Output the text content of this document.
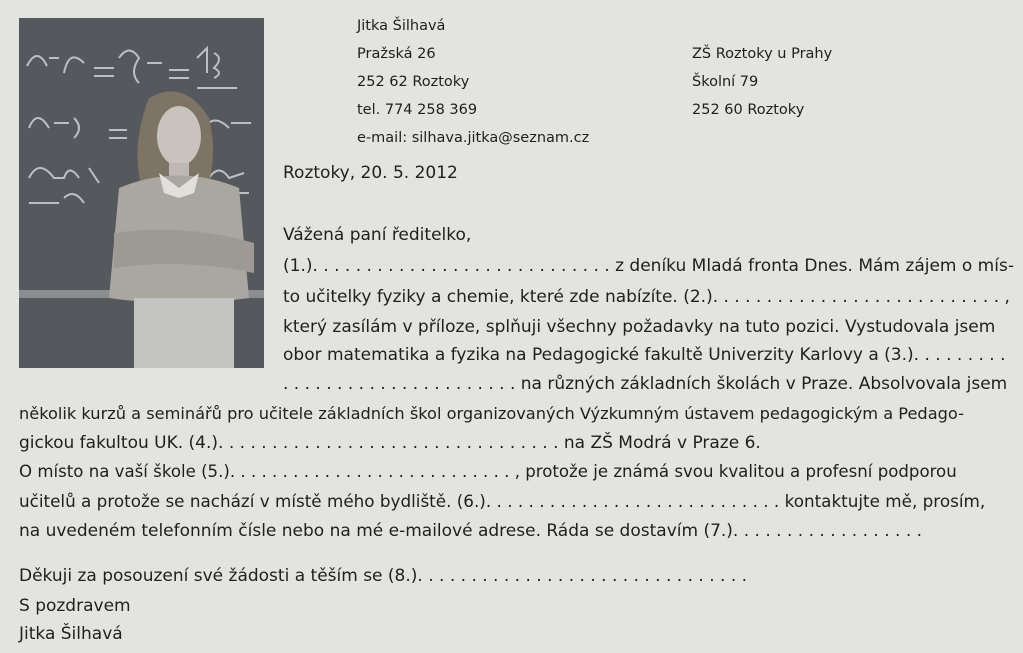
Jitka Šilhavá
Pražská 26
252 62 Roztoky
tel. 774 258 369
e-mail: silhava.jitka@seznam.cz
ZŠ Roztoky u Prahy
Školní 79
252 60 Roztoky
Roztoky, 20. 5. 2012
Vážená paní ředitelko,
(1.). . . . . . . . . . . . . . . . . . . . . . . . . . . . z deníku Mladá fronta Dnes. Mám zájem o mís-
to učitelky fyziky a chemie, které zde nabízíte. (2.). . . . . . . . . . . . . . . . . . . . . . . . . . . ,
který zasílám v příloze, splňuji všechny požadavky na tuto pozici. Vystudovala jsem
obor matematika a fyzika na Pedagogické fakultě Univerzity Karlovy a (3.). . . . . . . . .
. . . . . . . . . . . . . . . . . . . . . . na různých základních školách v Praze. Absolvovala jsem
několik kurzů a seminářů pro učitele základních škol organizovaných Výzkumným ústavem pedagogickým a Pedago-
gickou fakultou UK. (4.). . . . . . . . . . . . . . . . . . . . . . . . . . . . . . . . na ZŠ Modrá v Praze 6.
O místo na vaší škole (5.). . . . . . . . . . . . . . . . . . . . . . . . . . . , protože je známá svou kvalitou a profesní podporou
učitelů a protože se nachází v místě mého bydliště. (6.). . . . . . . . . . . . . . . . . . . . . . . . . . . . kontaktujte mě, prosím,
na uvedeném telefonním čísle nebo na mé e-mailové adrese. Ráda se dostavím (7.). . . . . . . . . . . . . . . . . .
Děkuji za posouzení své žádosti a těším se (8.). . . . . . . . . . . . . . . . . . . . . . . . . . . . . . .
S pozdravem
Jitka Šilhavá
